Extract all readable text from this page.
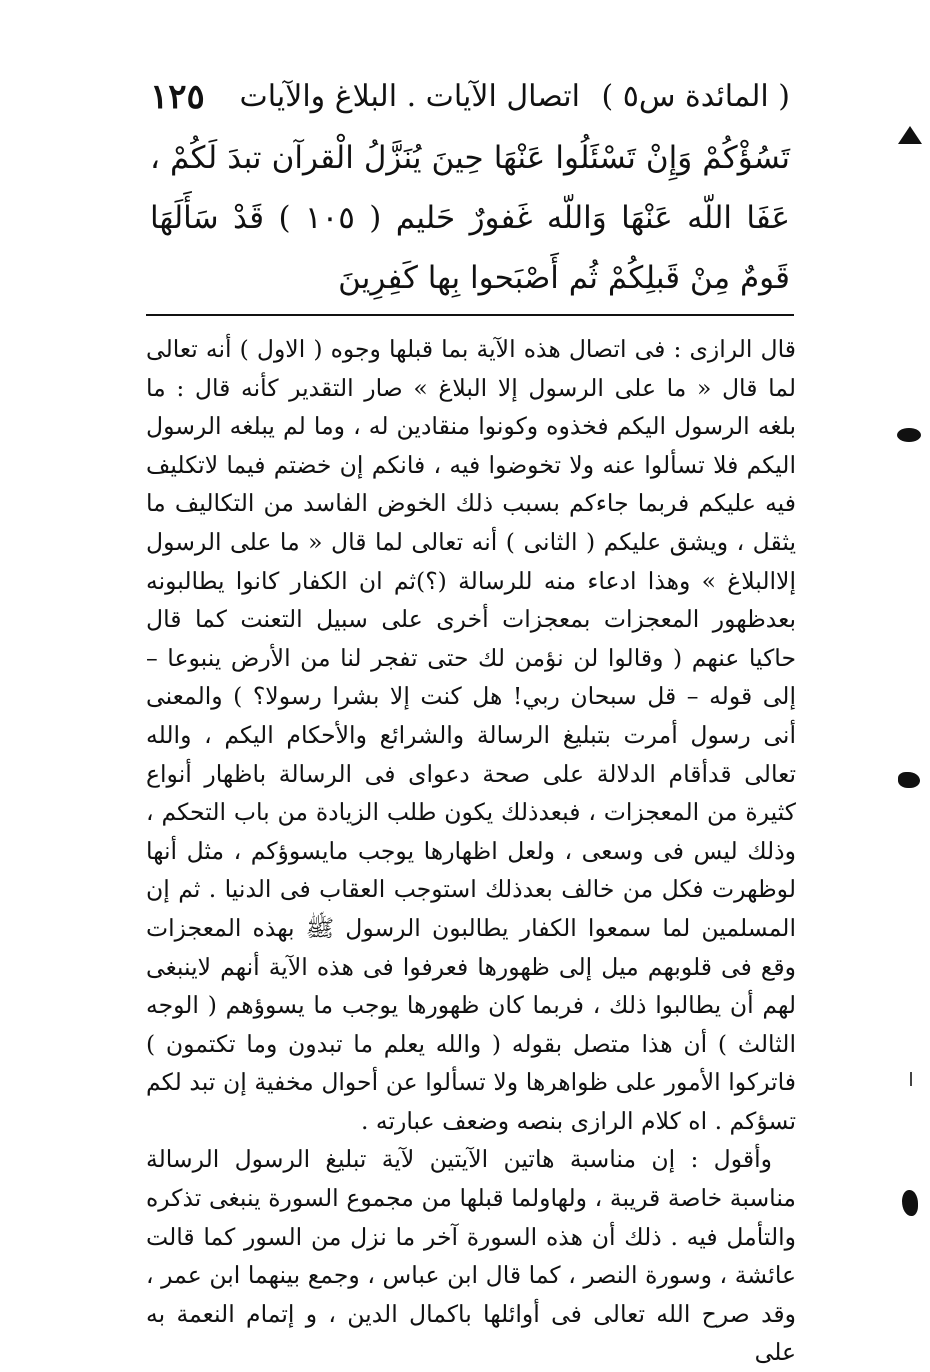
( المائدة س٥ )
اتصال الآيات . البلاغ والآيات
١٢٥
تَسُؤْكُمْ وَإِنْ تَسْئَلُوا عَنْهَا حِينَ يُنَزَّلُ الْقرآن تبدَ لَكُمْ ، عَفَا اللّه عَنْهَا وَاللّه غَفورٌ حَليم ( ١٠٥ ) قَدْ سَأَلَهَا قَومٌ مِنْ قَبلِكُمْ ثُم أَصْبَحوا بِها كَفِرِينَ

قال الرازى : فى اتصال هذه الآية بما قبلها وجوه ( الاول ) أنه تعالى لما قال « ما على الرسول إلا البلاغ » صار التقدير كأنه قال : ما بلغه الرسول اليكم فخذوه وكونوا منقادين له ، وما لم يبلغه الرسول اليكم فلا تسألوا عنه ولا تخوضوا فيه ، فانكم إن خضتم فيما لاتكليف فيه عليكم فربما جاءكم بسبب ذلك الخوض الفاسد من التكاليف ما يثقل ، ويشق عليكم ( الثانى ) أنه تعالى لما قال « ما على الرسول إلاالبلاغ » وهذا ادعاء منه للرسالة (؟)ثم ان الكفار كانوا يطالبونه بعدظهور المعجزات بمعجزات أخرى على سبيل التعنت كما قال حاكيا عنهم ( وقالوا لن نؤمن لك حتى تفجر لنا من الأرض ينبوعا – إلى قوله – قل سبحان ربي! هل كنت إلا بشرا رسولا؟ ) والمعنى أنى رسول أمرت بتبليغ الرسالة والشرائع والأحكام اليكم ، والله تعالى قدأقام الدلالة على صحة دعواى فى الرسالة باظهار أنواع كثيرة من المعجزات ، فبعدذلك يكون طلب الزيادة من باب التحكم ، وذلك ليس فى وسعى ، ولعل اظهارها يوجب مايسوؤكم ، مثل أنها لوظهرت فكل من خالف بعدذلك استوجب العقاب فى الدنيا . ثم إن المسلمين لما سمعوا الكفار يطالبون الرسول ﷺ بهذه المعجزات وقع فى قلوبهم ميل إلى ظهورها فعرفوا فى هذه الآية أنهم لاينبغى لهم أن يطالبوا ذلك ، فربما كان ظهورها يوجب ما يسوؤهم ( الوجه الثالث ) أن هذا متصل بقوله ( والله يعلم ما تبدون وما تكتمون ) فاتركوا الأمور على ظواهرها ولا تسألوا عن أحوال مخفية إن تبد لكم تسؤكم . اه كلام الرازى بنصه وضعف عبارته .

وأقول : إن مناسبة هاتين الآيتين لآية تبليغ الرسول الرسالة مناسبة خاصة قريبة ، ولهاولما قبلها من مجموع السورة ينبغى تذكره والتأمل فيه . ذلك أن هذه السورة آخر ما نزل من السور كما قالت عائشة ، وسورة النصر ، كما قال ابن عباس ، وجمع بينهما ابن عمر ، وقد صرح الله تعالى فى أوائلها باكمال الدين ، و إتمام النعمة به على
